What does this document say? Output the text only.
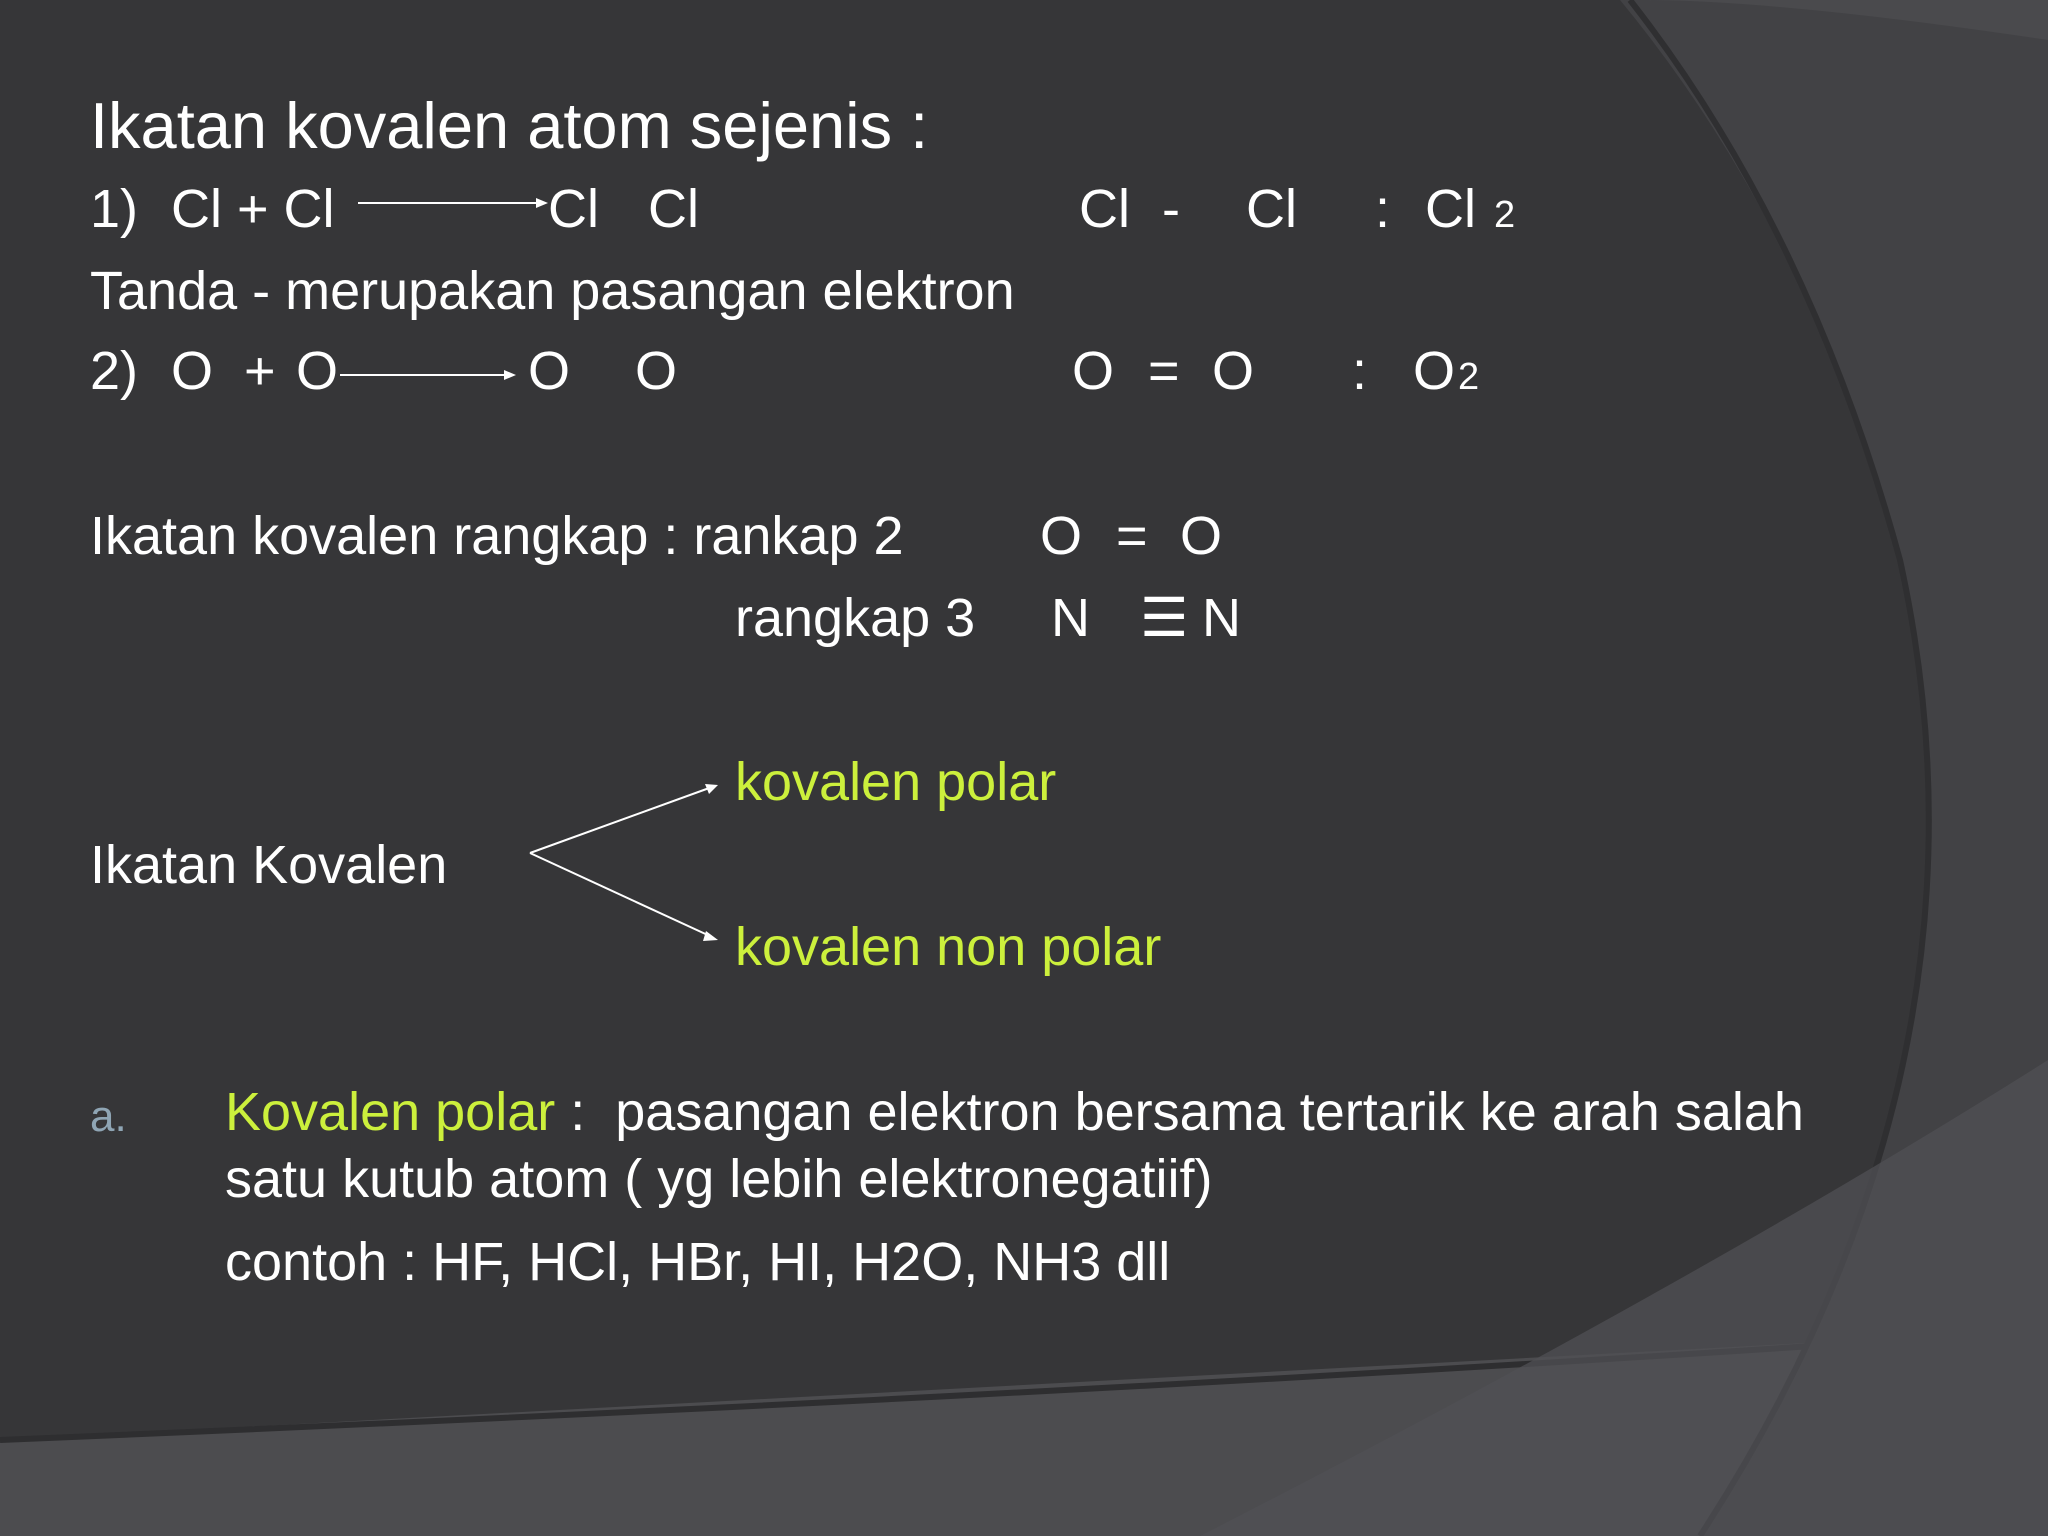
Ikatan kovalen atom sejenis :
1) Cl + Cl	Cl Cl	Cl - Cl : Cl 2

Tanda - merupakan pasangan elektron

2) O + O	O O	O = O : O 2

Ikatan kovalen rangkap : rankap 2	O = O
rangkap 3 N ☰ N
kovalen polar
Ikatan Kovalen
kovalen non polar
a. Kovalen polar :  pasangan elektron bersama tertarik ke arah salah

satu kutub atom ( yg lebih elektronegatiif)

contoh : HF, HCl, HBr, HI, H2O, NH3 dll
